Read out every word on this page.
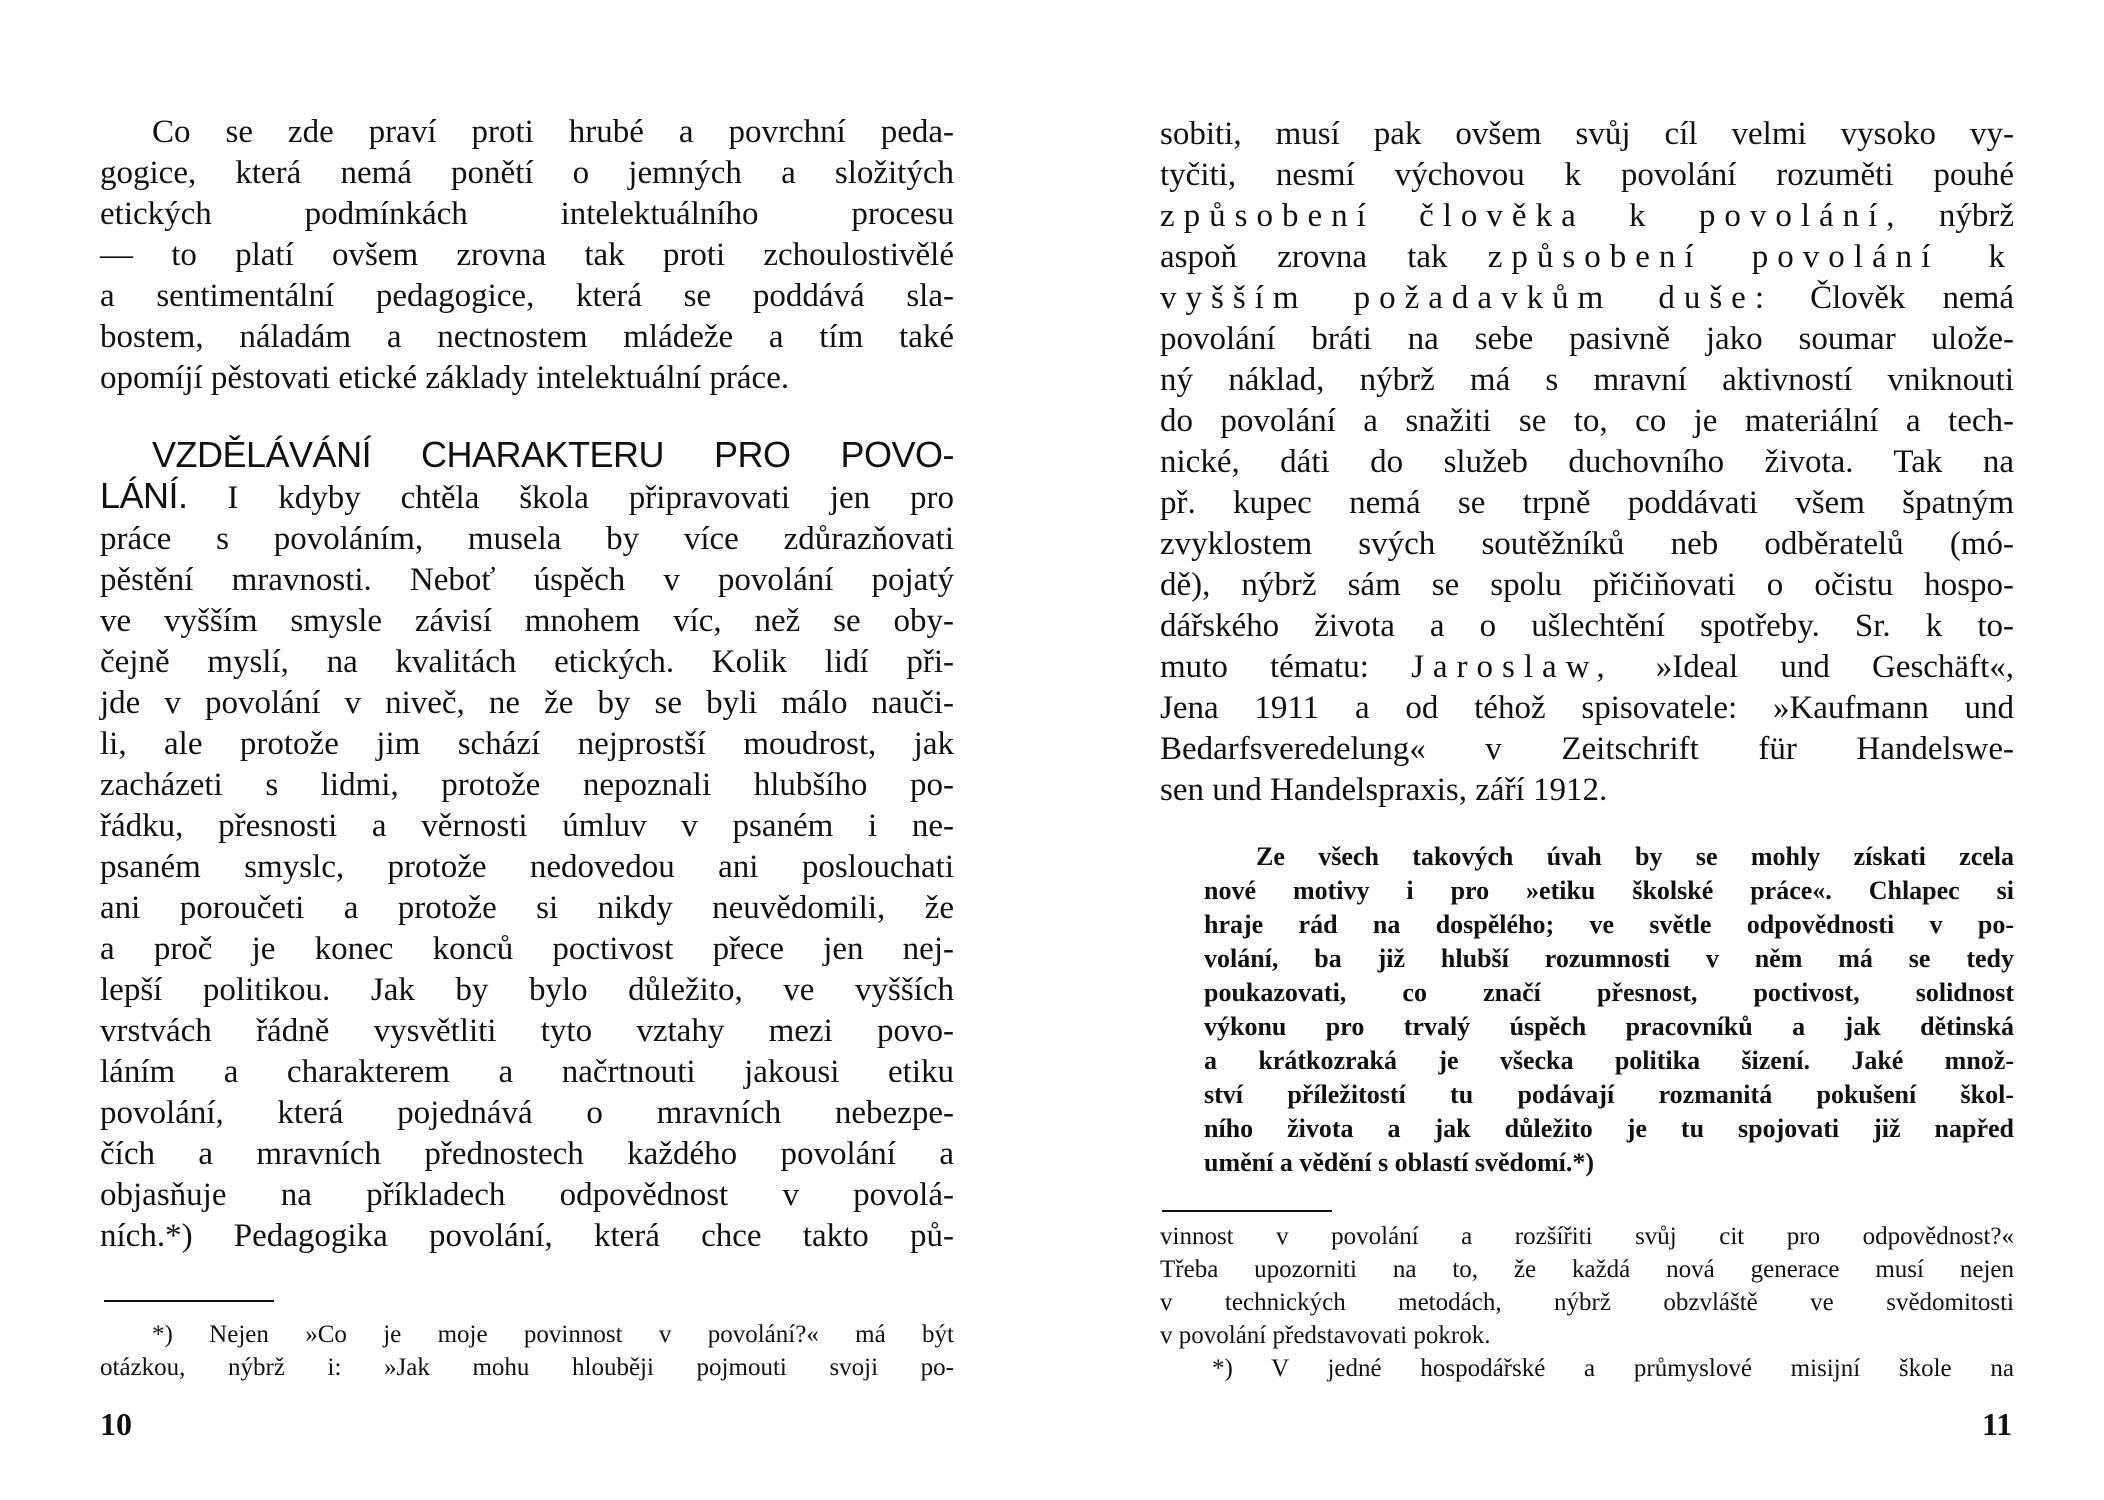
Co se zde praví proti hrubé a povrchní peda-
gogice, která nemá ponětí o jemných a složitých
etických podmínkách intelektuálního procesu
— to platí ovšem zrovna tak proti zchoulostivělé
a sentimentální pedagogice, která se poddává sla-
bostem, náladám a nectnostem mládeže a tím také
opomíjí pěstovati etické základy intelektuální práce.
VZDĚLÁVÁNÍ CHARAKTERU PRO POVO-
LÁNÍ. I kdyby chtěla škola připravovati jen pro
práce s povoláním, musela by více zdůrazňovati
pěstění mravnosti. Neboť úspěch v povolání pojatý
ve vyšším smysle závisí mnohem víc, než se oby-
čejně myslí, na kvalitách etických. Kolik lidí při-
jde v povolání v niveč, ne že by se byli málo nauči-
li, ale protože jim schází nejprostší moudrost, jak
zacházeti s lidmi, protože nepoznali hlubšího po-
řádku, přesnosti a věrnosti úmluv v psaném i ne-
psaném smyslc, protože nedovedou ani poslouchati
ani poroučeti a protože si nikdy neuvědomili, že
a proč je konec konců poctivost přece jen nej-
lepší politikou. Jak by bylo důležito, ve vyšších
vrstvách řádně vysvětliti tyto vztahy mezi povo-
láním a charakterem a načrtnouti jakousi etiku
povolání, která pojednává o mravních nebezpe-
čích a mravních přednostech každého povolání a
objasňuje na příkladech odpovědnost v povolá-
ních.*) Pedagogika povolání, která chce takto pů-
*) Nejen »Co je moje povinnost v povolání?« má být
otázkou, nýbrž i: »Jak mohu hlouběji pojmouti svoji po-
10
sobiti, musí pak ovšem svůj cíl velmi vysoko vy-
tyčiti, nesmí výchovou k povolání rozuměti pouhé
způsobení člověka k povolání, nýbrž
aspoň zrovna tak způsobení povolání k
vyšším požadavkům duše: Člověk nemá
povolání bráti na sebe pasivně jako soumar ulože-
ný náklad, nýbrž má s mravní aktivností vniknouti
do povolání a snažiti se to, co je materiální a tech-
nické, dáti do služeb duchovního života. Tak na
př. kupec nemá se trpně poddávati všem špatným
zvyklostem svých soutěžníků neb odběratelů (mó-
dě), nýbrž sám se spolu přičiňovati o očistu hospo-
dářského života a o ušlechtění spotřeby. Sr. k to-
muto tématu: Jaroslaw, »Ideal und Geschäft«,
Jena 1911 a od téhož spisovatele: »Kaufmann und
Bedarfsveredelung« v Zeitschrift für Handelswe-
sen und Handelspraxis, září 1912.
Ze všech takových úvah by se mohly získati zcela
nové motivy i pro »etiku školské práce«. Chlapec si
hraje rád na dospělého; ve světle odpovědnosti v po-
volání, ba již hlubší rozumnosti v něm má se tedy
poukazovati, co značí přesnost, poctivost, solidnost
výkonu pro trvalý úspěch pracovníků a jak dětinská
a krátkozraká je všecka politika šizení. Jaké množ-
ství příležitostí tu podávají rozmanitá pokušení škol-
ního života a jak důležito je tu spojovati již napřed
umění a vědění s oblastí svědomí.*)
vinnost v povolání a rozšířiti svůj cit pro odpovědnost?«
Třeba upozorniti na to, že každá nová generace musí nejen
v technických metodách, nýbrž obzvláště ve svědomitosti
v povolání představovati pokrok.
*) V jedné hospodářské a průmyslové misijní škole na
11
